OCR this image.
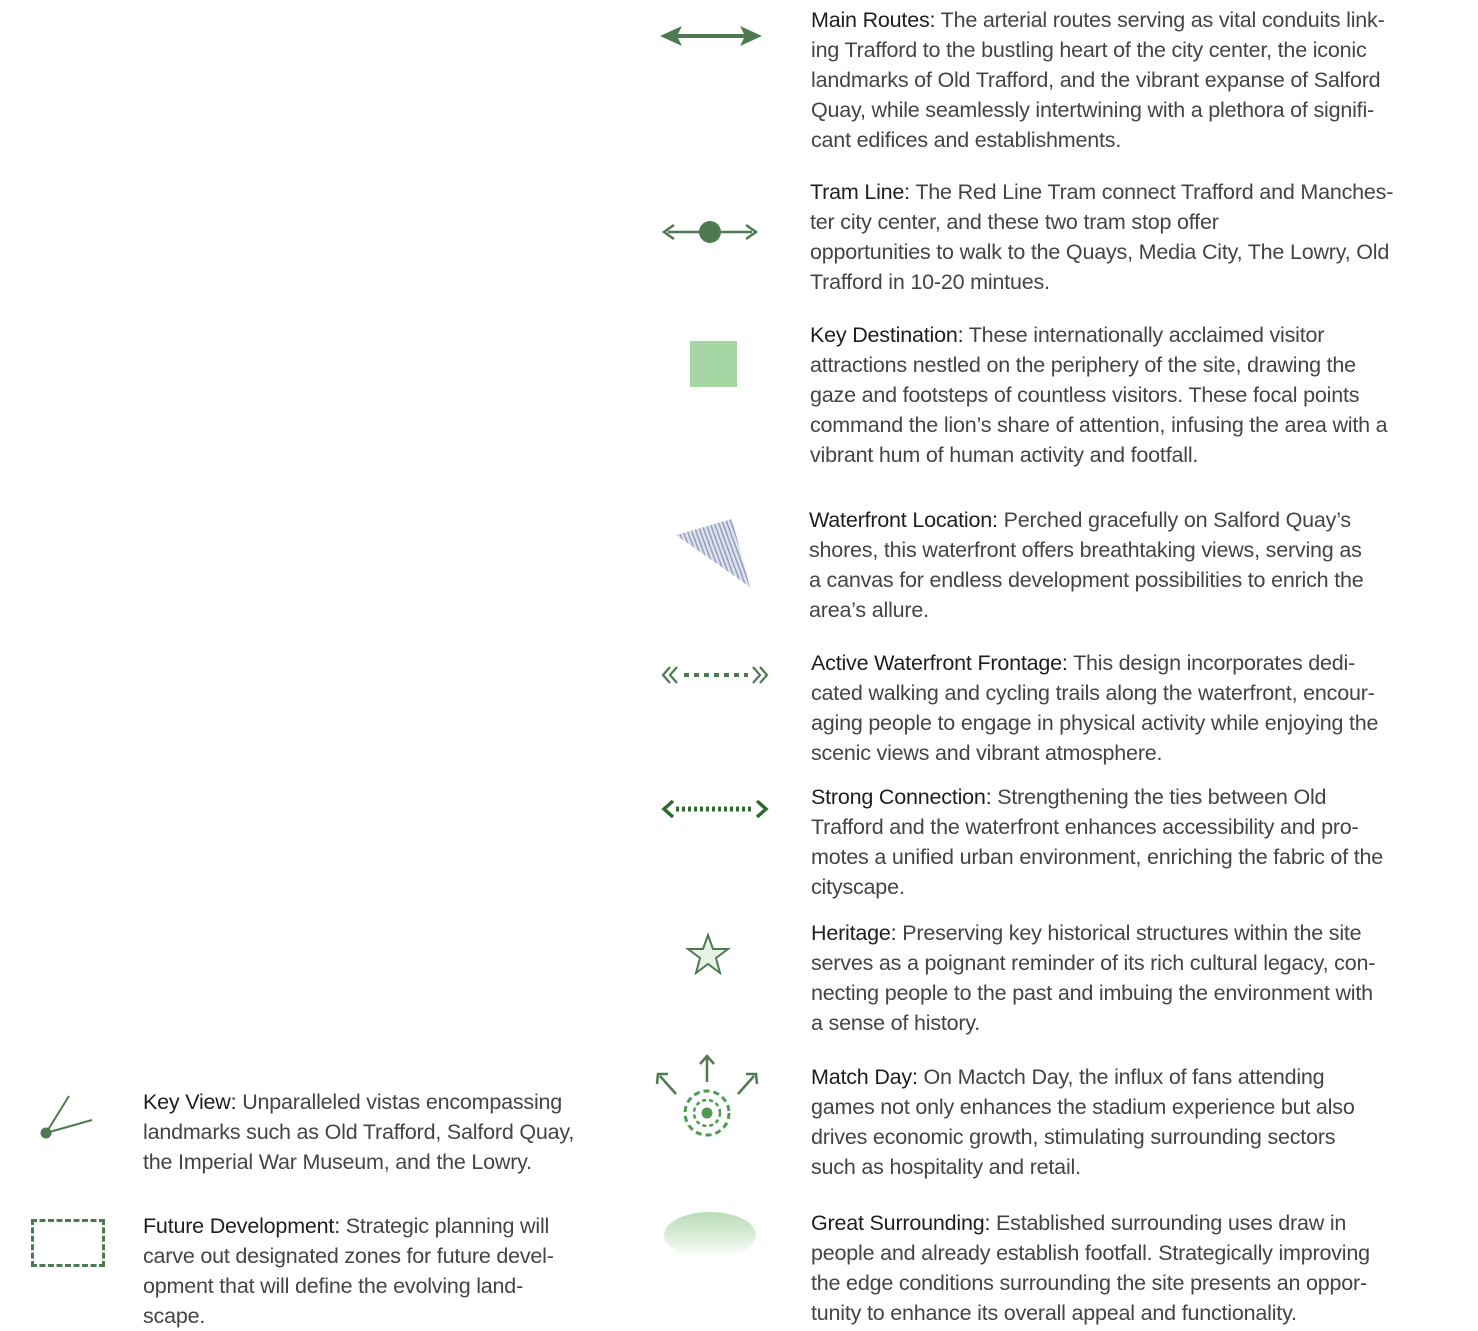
Main Routes: The arterial routes serving as vital conduits link-
ing Trafford to the bustling heart of the city center, the iconic
landmarks of Old Trafford, and the vibrant expanse of Salford
Quay, while seamlessly intertwining with a plethora of signifi-
cant edifices and establishments.
Tram Line: The Red Line Tram connect Trafford and Manches-
ter city center, and these two tram stop offer
opportunities to walk to the Quays, Media City, The Lowry, Old
Trafford in 10-20 mintues.
Key Destination: These internationally acclaimed visitor
attractions nestled on the periphery of the site, drawing the
gaze and footsteps of countless visitors. These focal points
command the lion’s share of attention, infusing the area with a
vibrant hum of human activity and footfall.
Waterfront Location: Perched gracefully on Salford Quay’s
shores, this waterfront offers breathtaking views, serving as
a canvas for endless development possibilities to enrich the
area’s allure.
Active Waterfront Frontage: This design incorporates dedi-
cated walking and cycling trails along the waterfront, encour-
aging people to engage in physical activity while enjoying the
scenic views and vibrant atmosphere.
Strong Connection: Strengthening the ties between Old
Trafford and the waterfront enhances accessibility and pro-
motes a unified urban environment, enriching the fabric of the
cityscape.
Heritage: Preserving key historical structures within the site
serves as a poignant reminder of its rich cultural legacy, con-
necting people to the past and imbuing the environment with
a sense of history.
Match Day: On Mactch Day, the influx of fans attending
games not only enhances the stadium experience but also
drives economic growth, stimulating surrounding sectors
such as hospitality and retail.
Great Surrounding: Established surrounding uses draw in
people and already establish footfall. Strategically improving
the edge conditions surrounding the site presents an oppor-
tunity to enhance its overall appeal and functionality.
Key View: Unparalleled vistas encompassing
landmarks such as Old Trafford, Salford Quay,
the Imperial War Museum, and the Lowry.
Future Development: Strategic planning will
carve out designated zones for future devel-
opment that will define the evolving land-
scape.
